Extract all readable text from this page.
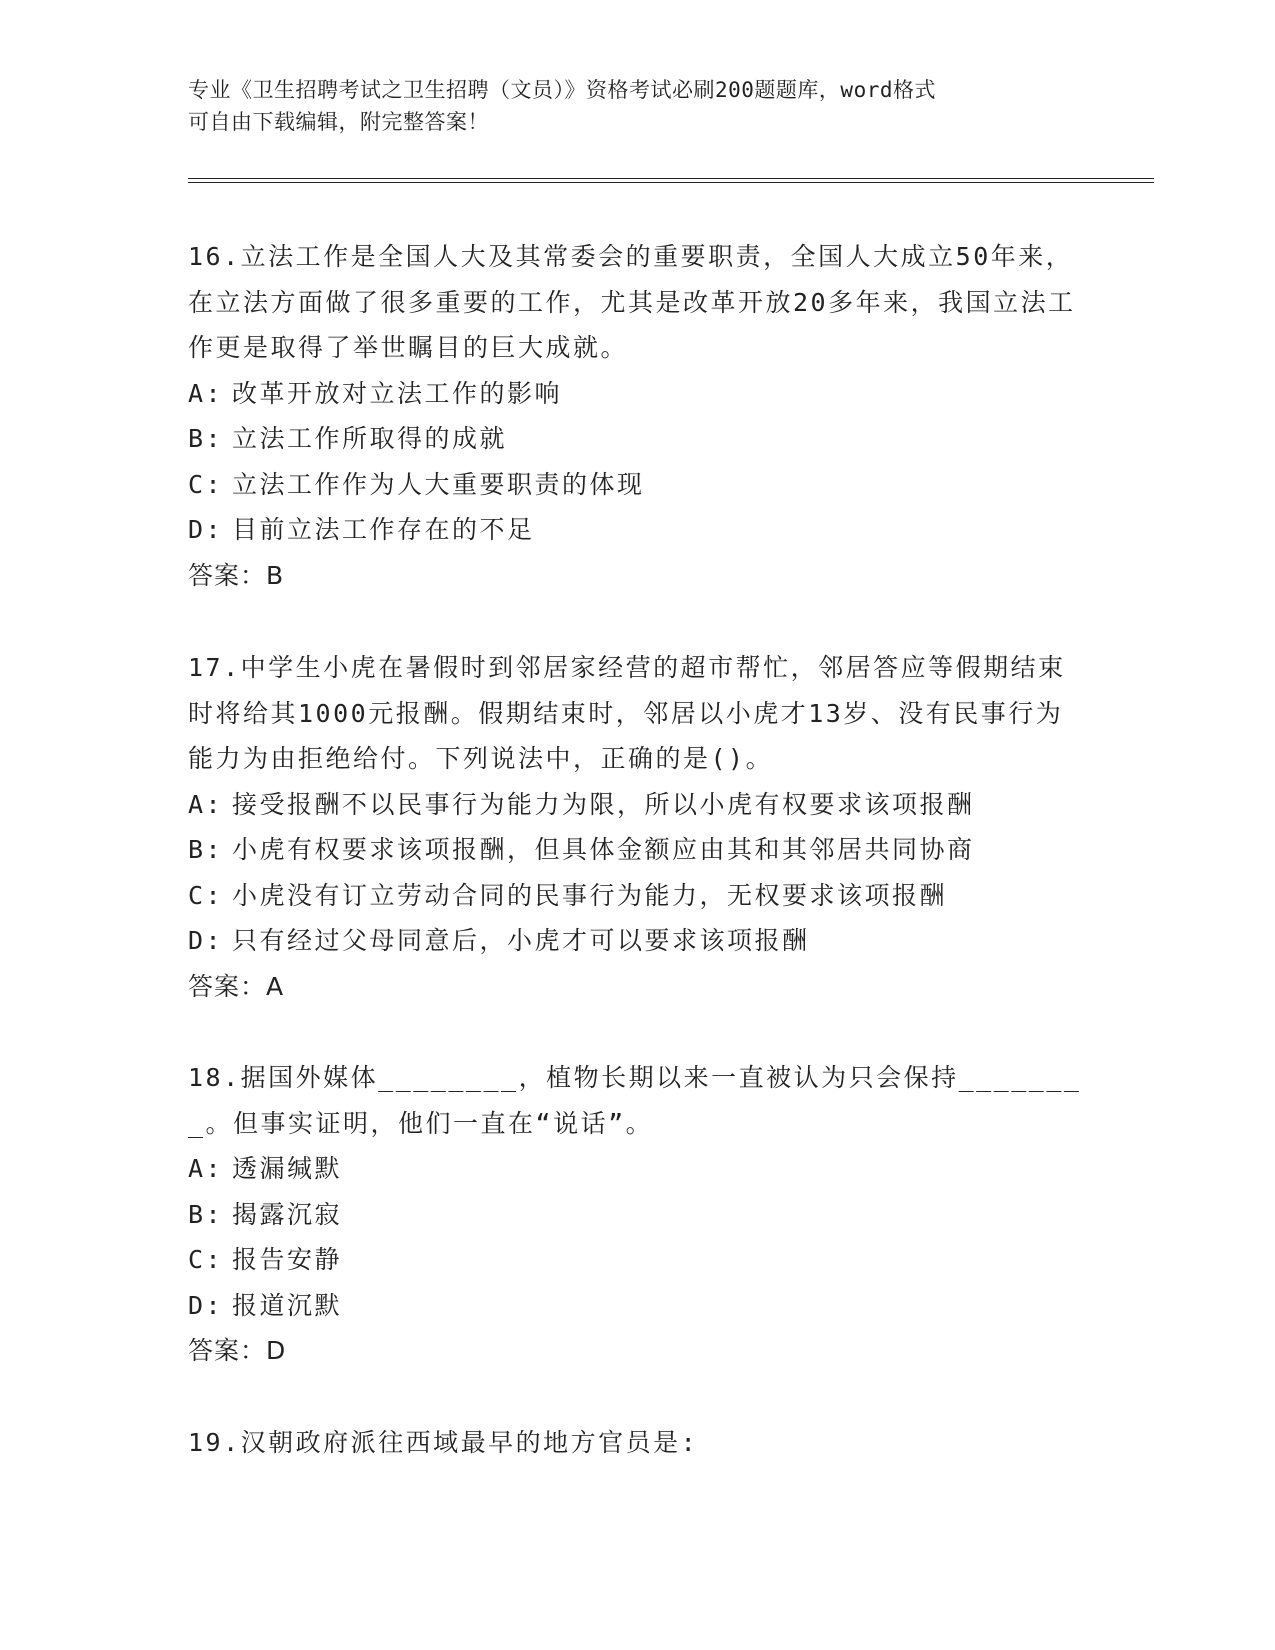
专业《卫生招聘考试之卫生招聘（文员）》资格考试必刷200题题库，word格式
可自由下载编辑，附完整答案！
16.立法工作是全国人大及其常委会的重要职责，全国人大成立50年来，在立法方面做了很多重要的工作，尤其是改革开放20多年来，我国立法工作更是取得了举世瞩目的巨大成就。
A: 改革开放对立法工作的影响
B: 立法工作所取得的成就
C: 立法工作作为人大重要职责的体现
D: 目前立法工作存在的不足
答案：B
17.中学生小虎在暑假时到邻居家经营的超市帮忙，邻居答应等假期结束时将给其1000元报酬。假期结束时，邻居以小虎才13岁、没有民事行为能力为由拒绝给付。下列说法中，正确的是()。
A: 接受报酬不以民事行为能力为限，所以小虎有权要求该项报酬
B: 小虎有权要求该项报酬，但具体金额应由其和其邻居共同协商
C: 小虎没有订立劳动合同的民事行为能力，无权要求该项报酬
D: 只有经过父母同意后，小虎才可以要求该项报酬
答案：A
18.据国外媒体________，植物长期以来一直被认为只会保持________。但事实证明，他们一直在“说话”。
A: 透漏缄默
B: 揭露沉寂
C: 报告安静
D: 报道沉默
答案：D
19.汉朝政府派往西域最早的地方官员是:
